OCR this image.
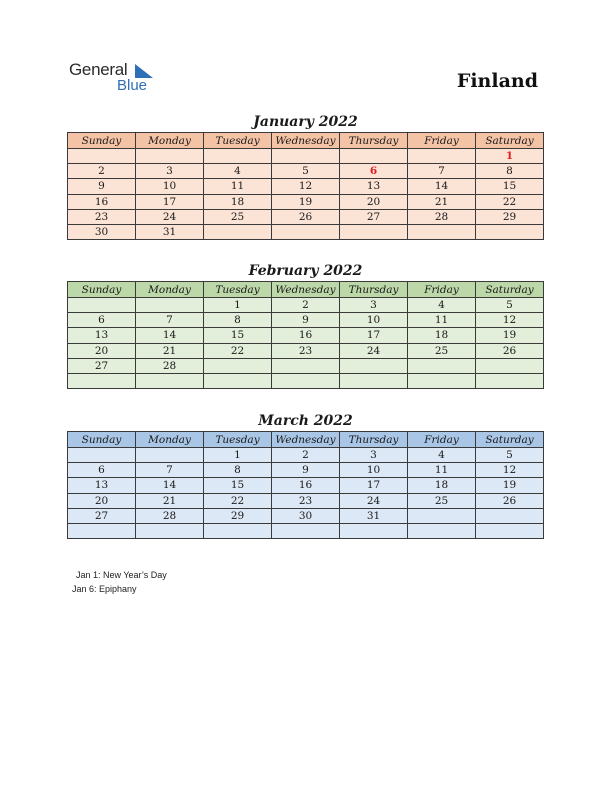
General
Blue	Finland
January 2022
Sunday	Monday	Tuesday	Wednesday	Thursday	Friday	Saturday
						1
2	3	4	5	6	7	8
9	10	11	12	13	14	15
16	17	18	19	20	21	22
23	24	25	26	27	28	29
30	31					
February 2022
Sunday	Monday	Tuesday	Wednesday	Thursday	Friday	Saturday
		1	2	3	4	5
6	7	8	9	10	11	12
13	14	15	16	17	18	19
20	21	22	23	24	25	26
27	28					

March 2022
Sunday	Monday	Tuesday	Wednesday	Thursday	Friday	Saturday
		1	2	3	4	5
6	7	8	9	10	11	12
13	14	15	16	17	18	19
20	21	22	23	24	25	26
27	28	29	30	31		

Jan 1: New Year’s Day
Jan 6: Epiphany
